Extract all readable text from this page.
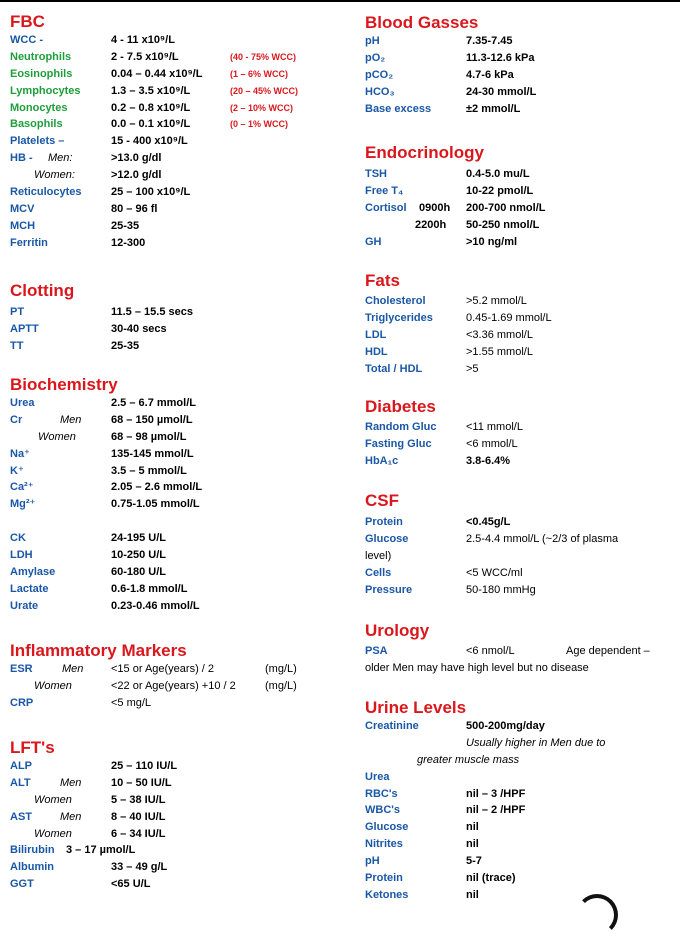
FBC
WCC -	4 - 11 x10⁹/L
Neutrophils	2 - 7.5 x10⁹/L	(40 - 75% WCC)
Eosinophils	0.04 – 0.44 x10⁹/L	(1 – 6% WCC)
Lymphocytes	1.3 – 3.5 x10⁹/L	(20 – 45% WCC)
Monocytes	0.2 – 0.8 x10⁹/L	(2 – 10% WCC)
Basophils	0.0 – 0.1 x10⁹/L	(0 – 1% WCC)
Platelets –	15 - 400 x10⁹/L
HB - Men:	>13.0 g/dl
Women:	>12.0 g/dl
Reticulocytes	25 – 100 x10⁹/L
MCV	80 – 96 fl
MCH	25-35
Ferritin	12-300
Clotting
PT	11.5 – 15.5 secs
APTT	30-40 secs
TT	25-35
Biochemistry
Urea	2.5 – 6.7 mmol/L
Cr	Men	68 – 150 µmol/L
Women	68 – 98 µmol/L
Na⁺	135-145 mmol/L
K⁺	3.5 – 5 mmol/L
Ca²⁺	2.05 – 2.6 mmol/L
Mg²⁺	0.75-1.05 mmol/L
CK	24-195 U/L
LDH	10-250 U/L
Amylase	60-180 U/L
Lactate	0.6-1.8 mmol/L
Urate	0.23-0.46 mmol/L
Inflammatory Markers
ESR	Men	<15 or Age(years) / 2	(mg/L)
Women	<22 or Age(years) +10 / 2	(mg/L)
CRP	<5 mg/L
LFT's
ALP	25 – 110 IU/L
ALT	Men	10 – 50 IU/L
Women	5 – 38 IU/L
AST	Men	8 – 40 IU/L
Women	6 – 34 IU/L
Bilirubin 3 – 17 µmol/L
Albumin	33 – 49 g/L
GGT	<65 U/L
Blood Gasses
pH	7.35-7.45
pO₂	11.3-12.6 kPa
pCO₂	4.7-6 kPa
HCO₃	24-30 mmol/L
Base excess	±2 mmol/L
Endocrinology
TSH	0.4-5.0 mu/L
Free T₄	10-22 pmol/L
Cortisol 0900h 200-700 nmol/L
2200h 50-250 nmol/L
GH	>10 ng/ml
Fats
Cholesterol	>5.2 mmol/L
Triglycerides	0.45-1.69 mmol/L
LDL	<3.36 mmol/L
HDL	>1.55 mmol/L
Total / HDL	>5
Diabetes
Random Gluc	<11 mmol/L
Fasting Gluc	<6 mmol/L
HbA₁c	3.8-6.4%
CSF
Protein	<0.45g/L
Glucose	2.5-4.4 mmol/L (~2/3 of plasma
level)
Cells	<5 WCC/ml
Pressure	50-180 mmHg
Urology
PSA	<6 nmol/L	Age dependent –
older Men may have high level but no disease
Urine Levels
Creatinine	500-200mg/day
Usually higher in Men due to
greater muscle mass
Urea
RBC's	nil – 3 /HPF
WBC's	nil – 2 /HPF
Glucose	nil
Nitrites	nil
pH	5-7
Protein	nil (trace)
Ketones	nil
